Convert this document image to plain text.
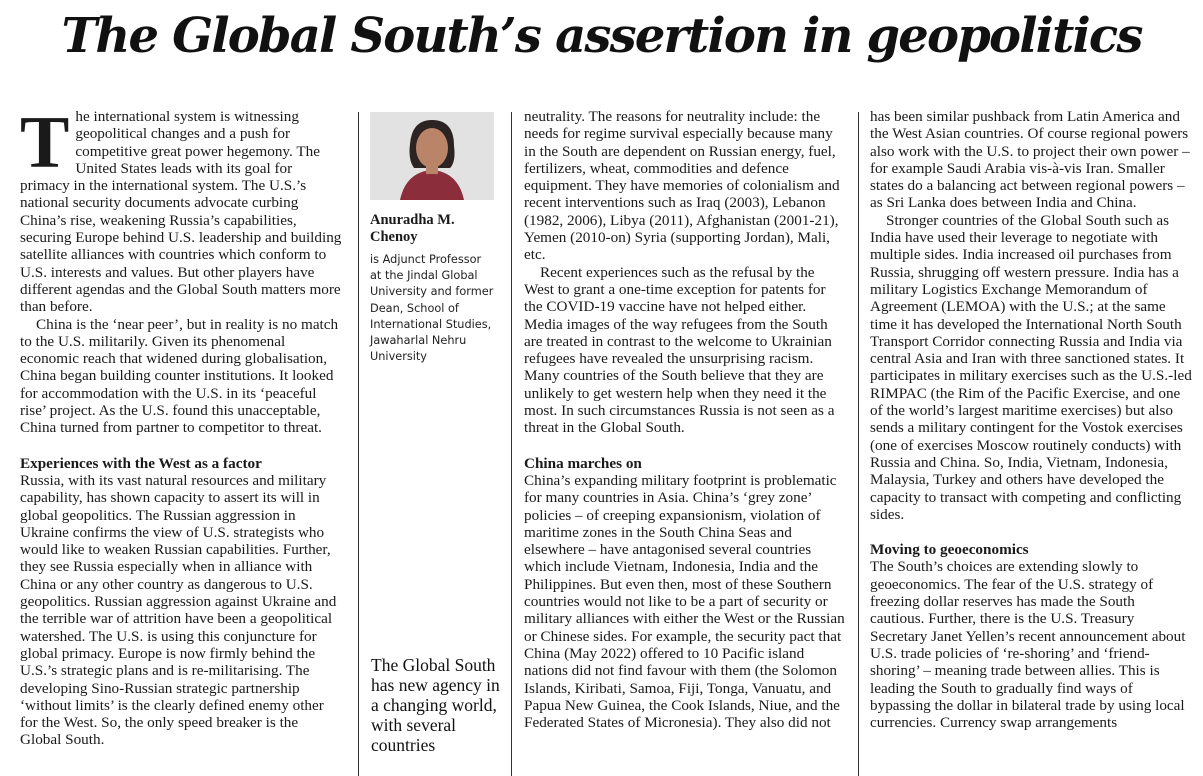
The Global South’s assertion in geopolitics

The international system is witnessing geopolitical changes and a push for competitive great power hegemony. The United States leads with its goal for primacy in the international system. The U.S.’s national security documents advocate curbing China’s rise, weakening Russia’s capabilities, securing Europe behind U.S. leadership and building satellite alliances with countries which conform to U.S. interests and values. But other players have different agendas and the Global South matters more than before.

China is the ‘near peer’, but in reality is no match to the U.S. militarily. Given its phenomenal economic reach that widened during globalisation, China began building counter institutions. It looked for accommodation with the U.S. in its ‘peaceful rise’ project. As the U.S. found this unacceptable, China turned from partner to competitor to threat.

Experiences with the West as a factor

Russia, with its vast natural resources and military capability, has shown capacity to assert its will in global geopolitics. The Russian aggression in Ukraine confirms the view of U.S. strategists who would like to weaken Russian capabilities. Further, they see Russia especially when in alliance with China or any other country as dangerous to U.S. geopolitics. Russian aggression against Ukraine and the terrible war of attrition have been a geopolitical watershed. The U.S. is using this conjuncture for global primacy. Europe is now firmly behind the U.S.’s strategic plans and is re-militarising. The developing Sino-Russian strategic partnership ‘without limits’ is the clearly defined enemy other for the West. So, the only speed breaker is the Global South.

Anuradha M. Chenoy
is Adjunct Professor at the Jindal Global University and former Dean, School of International Studies, Jawaharlal Nehru University
The Global South has new agency in a changing world, with several countries

neutrality. The reasons for neutrality include: the needs for regime survival especially because many in the South are dependent on Russian energy, fuel, fertilizers, wheat, commodities and defence equipment. They have memories of colonialism and recent interventions such as Iraq (2003), Lebanon (1982, 2006), Libya (2011), Afghanistan (2001-21), Yemen (2010-on) Syria (supporting Jordan), Mali, etc.

Recent experiences such as the refusal by the West to grant a one-time exception for patents for the COVID-19 vaccine have not helped either. Media images of the way refugees from the South are treated in contrast to the welcome to Ukrainian refugees have revealed the unsurprising racism. Many countries of the South believe that they are unlikely to get western help when they need it the most. In such circumstances Russia is not seen as a threat in the Global South.

China marches on

China’s expanding military footprint is problematic for many countries in Asia. China’s ‘grey zone’ policies – of creeping expansionism, violation of maritime zones in the South China Seas and elsewhere – have antagonised several countries which include Vietnam, Indonesia, India and the Philippines. But even then, most of these Southern countries would not like to be a part of security or military alliances with either the West or the Russian or Chinese sides. For example, the security pact that China (May 2022) offered to 10 Pacific island nations did not find favour with them (the Solomon Islands, Kiribati, Samoa, Fiji, Tonga, Vanuatu, and Papua New Guinea, the Cook Islands, Niue, and the Federated States of Micronesia). They also did not

has been similar pushback from Latin America and the West Asian countries. Of course regional powers also work with the U.S. to project their own power – for example Saudi Arabia vis-à-vis Iran. Smaller states do a balancing act between regional powers – as Sri Lanka does between India and China.

Stronger countries of the Global South such as India have used their leverage to negotiate with multiple sides. India increased oil purchases from Russia, shrugging off western pressure. India has a military Logistics Exchange Memorandum of Agreement (LEMOA) with the U.S.; at the same time it has developed the International North South Transport Corridor connecting Russia and India via central Asia and Iran with three sanctioned states. It participates in military exercises such as the U.S.-led RIMPAC (the Rim of the Pacific Exercise, and one of the world’s largest maritime exercises) but also sends a military contingent for the Vostok exercises (one of exercises Moscow routinely conducts) with Russia and China. So, India, Vietnam, Indonesia, Malaysia, Turkey and others have developed the capacity to transact with competing and conflicting sides.

Moving to geoeconomics

The South’s choices are extending slowly to geoeconomics. The fear of the U.S. strategy of freezing dollar reserves has made the South cautious. Further, there is the U.S. Treasury Secretary Janet Yellen’s recent announcement about U.S. trade policies of ‘re-shoring’ and ‘friend-shoring’ – meaning trade between allies. This is leading the South to gradually find ways of bypassing the dollar in bilateral trade by using local currencies. Currency swap arrangements
